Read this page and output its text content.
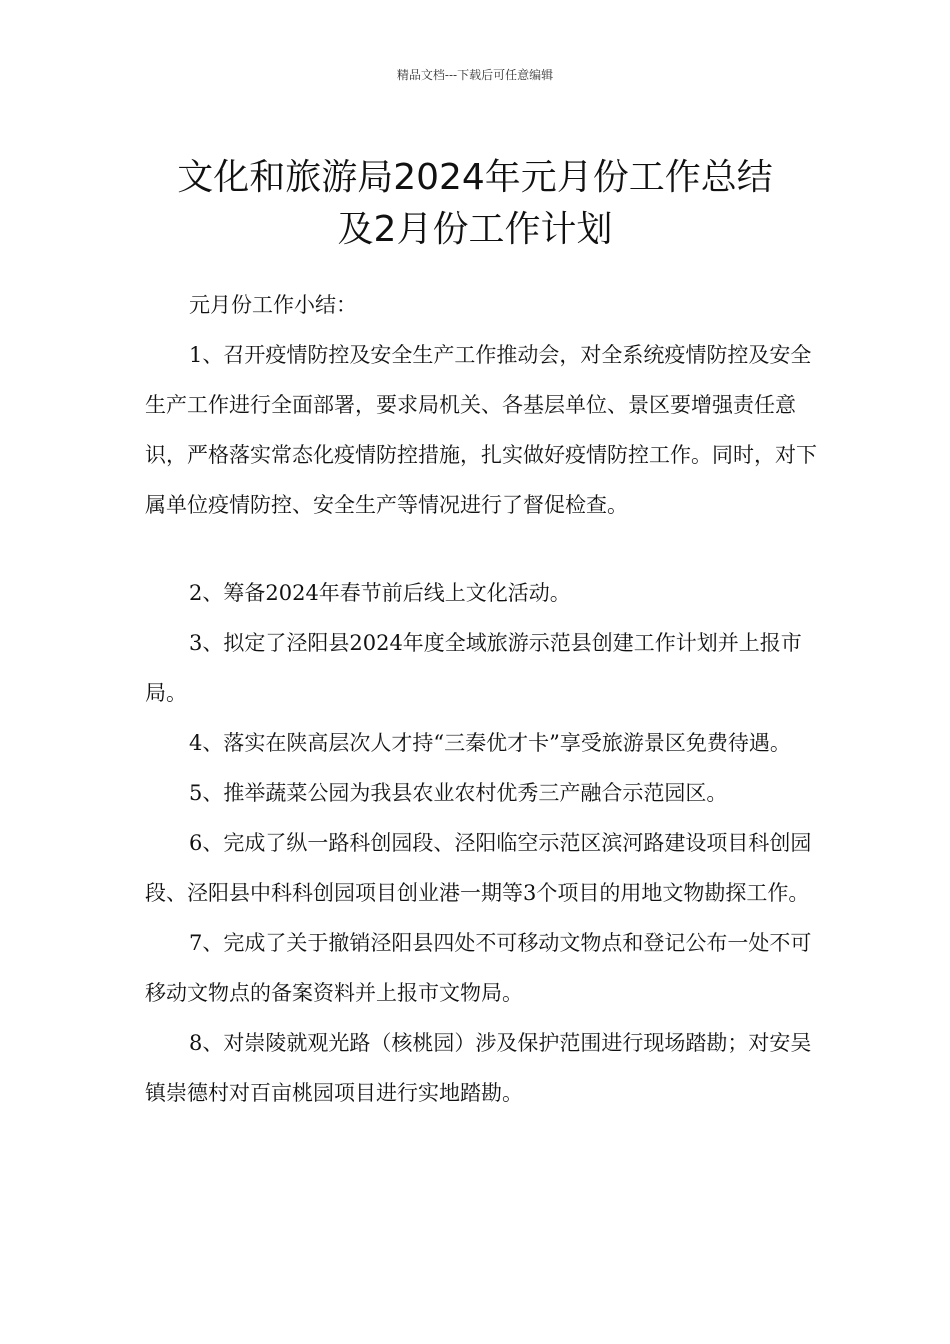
精品文档---下载后可任意编辑
文化和旅游局2024年元月份工作总结
及2月份工作计划

元月份工作小结：

1、召开疫情防控及安全生产工作推动会，对全系统疫情防控及安全生产工作进行全面部署，要求局机关、各基层单位、景区要增强责任意识，严格落实常态化疫情防控措施，扎实做好疫情防控工作。同时，对下属单位疫情防控、安全生产等情况进行了督促检查。

2、筹备2024年春节前后线上文化活动。

3、拟定了泾阳县2024年度全域旅游示范县创建工作计划并上报市局。

4、落实在陕高层次人才持“三秦优才卡”享受旅游景区免费待遇。

5、推举蔬菜公园为我县农业农村优秀三产融合示范园区。

6、完成了纵一路科创园段、泾阳临空示范区滨河路建设项目科创园段、泾阳县中科科创园项目创业港一期等3个项目的用地文物勘探工作。

7、完成了关于撤销泾阳县四处不可移动文物点和登记公布一处不可移动文物点的备案资料并上报市文物局。

8、对崇陵就观光路（核桃园）涉及保护范围进行现场踏勘；对安吴镇崇德村对百亩桃园项目进行实地踏勘。
